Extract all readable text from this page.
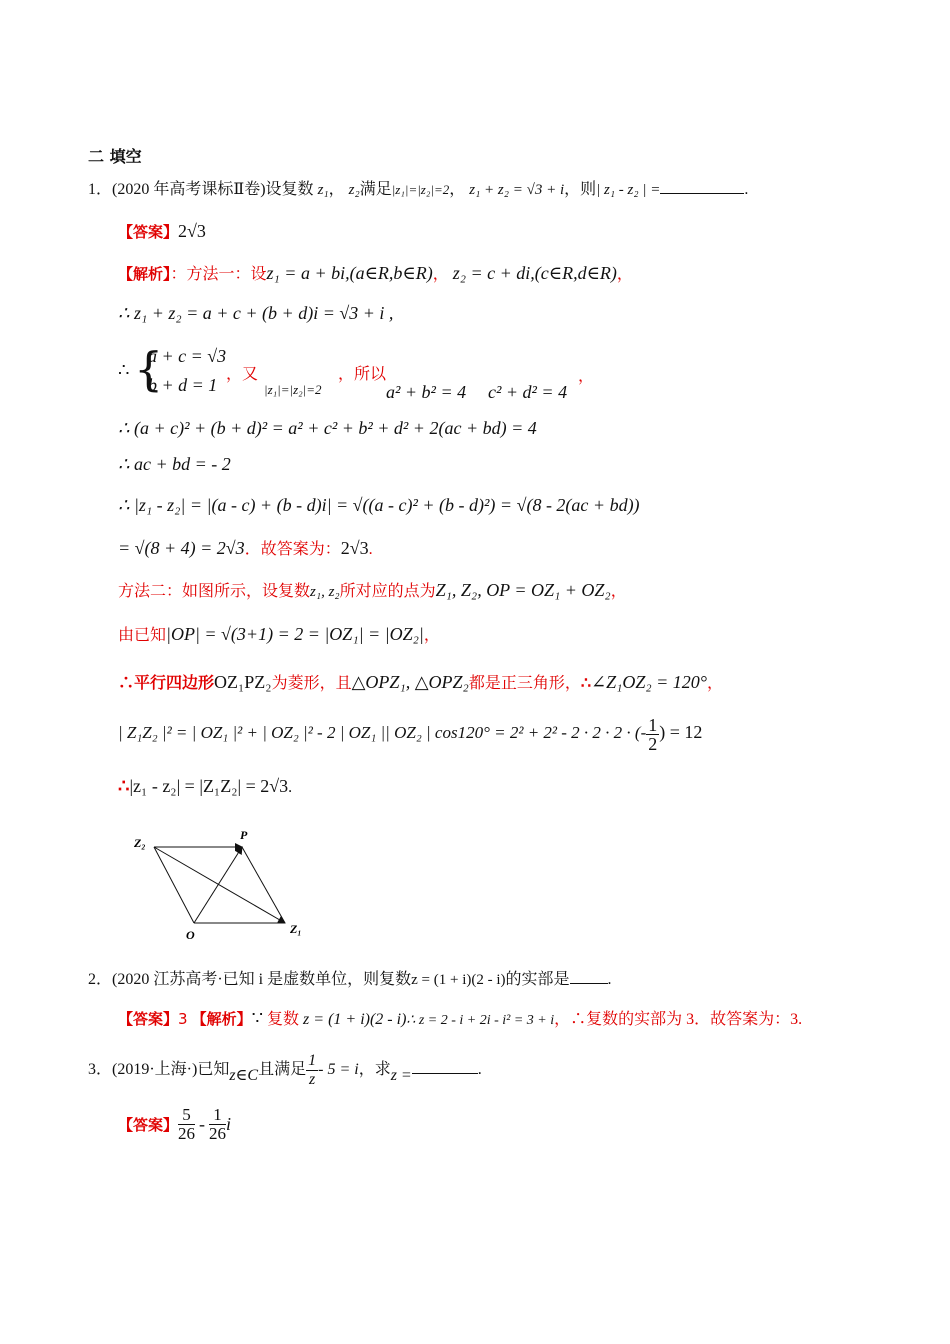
二 填空
1．(2020 年高考课标Ⅱ卷)设复数 z₁， z₂满足|z₁|=|z₂|=2， z₁ + z₂ = √3 + i，则| z₁ - z₂ | =	.
【答案】2√3
【解析】：方法一：设z₁ = a + bi,(a∈R,b∈R)， z₂ = c + di,(c∈R,d∈R)，
∴ z₁ + z₂ = a + c + (b + d)i = √3 + i ,
∴ {
a + c = √3
b + d = 1
，又
|z₁|=|z₂|=2
，所以
a² + b² = 4 c² + d² = 4
，
∴ (a + c)² + (b + d)² = a² + c² + b² + d² + 2(ac + bd) = 4
∴ ac + bd = - 2
∴ |z₁ - z₂| = |(a - c) + (b - d)i| = √((a - c)² + (b - d)²) = √(8 - 2(ac + bd))
= √(8 + 4) = 2√3．故答案为：2√3.
方法二：如图所示，设复数z₁, z₂所对应的点为Z₁, Z₂, OP = OZ₁ + OZ₂，
由已知|OP| = √(3+1) = 2 = |OZ₁| = |OZ₂|，
∴平行四边形OZ₁PZ₂为菱形，且△OPZ₁, △OPZ₂都是正三角形，∴∠Z₁OZ₂ = 120°，
| Z₁Z₂ |² = | OZ₁ |² + | OZ₂ |² - 2 | OZ₁ || OZ₂ | cos120° = 2² + 2² - 2 · 2 · 2 · (- $\frac{1}{2}$ ) = 12
∴|z₁ - z₂| = |Z₁Z₂| = 2√3.
Z₂
P
O	Z₁
2．(2020 江苏高考·已知 i 是虚数单位，则复数z = (1 + i)(2 - i)的实部是 .
【答案】3 【解析】∵ 复数 z = (1 + i)(2 - i)∴ z = 2 - i + 2i - i² = 3 + i，∴复数的实部为 3．故答案为：3.
3．(2019·上海·)已知z∈C且满足 $\frac{1}{z} - 5 = i$，求z =	.
【答案】 $\frac{5}{26} - \frac{1}{26}$ i
